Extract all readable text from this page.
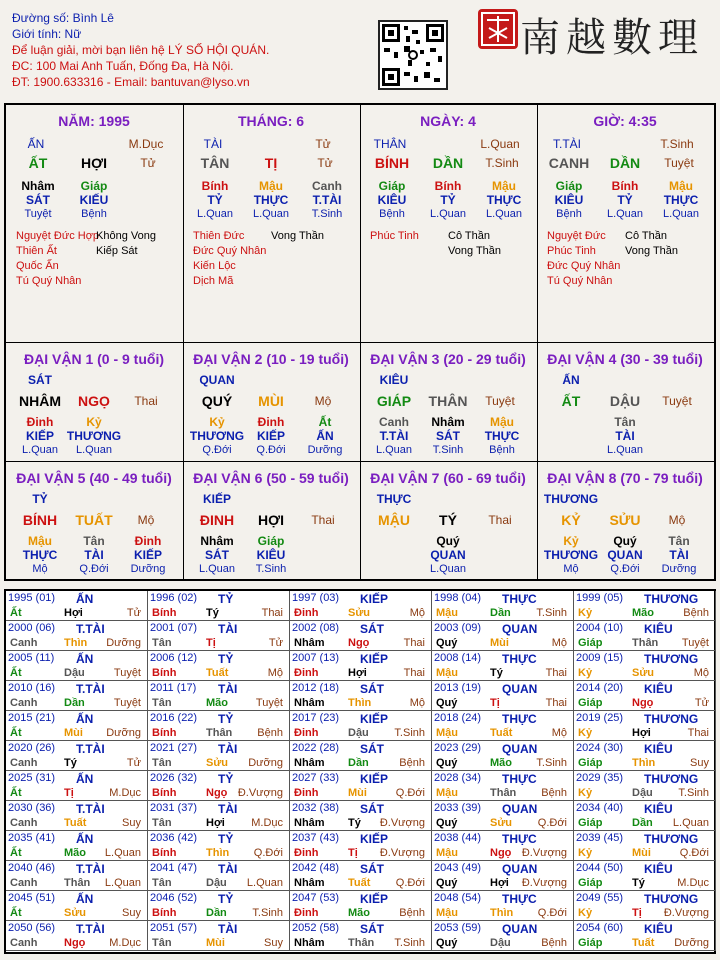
Đường số: Bình Lê
Giới tính: Nữ
Để luận giải, mời bạn liên hệ LÝ SỐ HỘI QUÁN.
ĐC: 100 Mai Anh Tuấn, Đống Đa, Hà Nội.
ĐT: 1900.633316 - Email: bantuvan@lyso.vn
南越數理
NĂM: 1995
ẤN	M.Dục
ẤT HỢI	Tử
Nhâm
SÁT
Tuyệt
Giáp
KIẾU
Bệnh
Nguyệt Đức Hợp
Thiên Ất
Quốc Ấn
Tú Quý Nhân
Không Vong
Kiếp Sát
THÁNG: 6
TÀI	Tử
TÂN	TỊ	Tử
Bính
TỶ
L.Quan
Mậu
THỰC
L.Quan
Canh
T.TÀI
T.Sinh
Thiên Đức
Đức Quý Nhân
Kiến Lộc
Dịch Mã
Vong Thần
NGÀY: 4
THÂN	L.Quan
BÍNH DẦN T.Sinh
Giáp
KIÊU
Bệnh
Bính
TỶ
L.Quan
Mậu
THỰC
L.Quan
Phúc Tinh	Cô Thần
Vong Thần
GIỜ: 4:35
T.TÀI	T.Sinh
CANH DẦN Tuyệt
Giáp
KIÊU
Bệnh
Bính
TỶ
L.Quan
Mậu
THỰC
L.Quan
Nguyệt Đức
Phúc Tinh
Đức Quý Nhân
Tú Quý Nhân
Cô Thần
Vong Thần
ĐẠI VẬN 1 (0 - 9 tuổi)
SÁT
NHÂM NGỌ Thai
Đinh
KIẾP
L.Quan
Kỷ
THƯƠNG
L.Quan
ĐẠI VẬN 2 (10 - 19 tuổi)
QUAN
QUÝ MÙI	Mộ
Kỷ
THƯƠNG
Q.Đới
Đinh
KIẾP
Q.Đới
Ất
ẤN
Dưỡng
ĐẠI VẬN 3 (20 - 29 tuổi)
KIÊU
GIÁP THÂN Tuyệt
Canh
T.TÀI
L.Quan
Nhâm
SÁT
T.Sinh
Mậu
THỰC
Bệnh
ĐẠI VẬN 4 (30 - 39 tuổi)
ẤN
ẤT DẬU Tuyệt
Tân
TÀI
L.Quan
ĐẠI VẬN 5 (40 - 49 tuổi)
TỶ
BÍNH TUẤT Mộ
Mậu
THỰC
Mộ
Tân
TÀI
Q.Đới
Đinh
KIẾP
Dưỡng
ĐẠI VẬN 6 (50 - 59 tuổi)
KIẾP
ĐINH HỢI Thai
Nhâm
SÁT
L.Quan
Giáp
KIÊU
T.Sinh
ĐẠI VẬN 7 (60 - 69 tuổi)
THỰC
MẬU TÝ	Thai
Quý
QUAN
L.Quan
ĐẠI VẬN 8 (70 - 79 tuổi)
THƯƠNG
KỶ SỬU Mộ
Kỷ
THƯƠNG
Mộ
Quý
QUAN
Q.Đới
Tân
TÀI
Dưỡng
1995 (01) ẤN
Ất	Hợi	Tử
1996 (02) TỶ
Bính	Tý	Thai
1997 (03) KIẾP
Đinh	Sửu	Mộ
1998 (04) THỰC
Mậu	Dần T.Sinh
1999 (05) THƯƠNG
Kỷ	Mão	Bệnh
2000 (06) T.TÀI
Canh Thìn Dưỡng
2001 (07) TÀI
Tân	Tị	Tử
2002 (08) SÁT
Nhâm Ngọ	Thai
2003 (09) QUAN
Quý	Mùi	Mộ
2004 (10) KIÊU
Giáp	Thân Tuyệt
2005 (11) ẤN
Ất	Dậu	Tuyệt
2006 (12) TỶ
Bính	Tuất	Mộ
2007 (13) KIẾP
Đinh	Hợi	Thai
2008 (14) THỰC
Mậu	Tý	Thai
2009 (15) THƯƠNG
Kỷ	Sửu	Mộ
2010 (16) T.TÀI
Canh Dần	Tuyệt
2011 (17) TÀI
Tân	Mão	Tuyệt
2012 (18) SÁT
Nhâm Thìn	Mộ
2013 (19) QUAN
Quý	Tị	Thai
2014 (20) KIÊU
Giáp	Ngọ	Tử
2015 (21) ẤN
Ất	Mùi Dưỡng
2016 (22) TỶ
Bính	Thân Bệnh
2017 (23) KIẾP
Đinh	Dậu T.Sinh
2018 (24) THỰC
Mậu	Tuất	Mộ
2019 (25) THƯƠNG
Kỷ	Hợi	Thai
2020 (26) T.TÀI
Canh Tý	Tử
2021 (27) TÀI
Tân	Sửu Dưỡng
2022 (28) SÁT
Nhâm Dần	Bệnh
2023 (29) QUAN
Quý	Mão T.Sinh
2024 (30) KIÊU
Giáp	Thìn	Suy
2025 (31) ẤN
Ất	Tị	M.Dục
2026 (32) TỶ
Bính	Ngọ Đ.Vượng
2027 (33) KIẾP
Đinh	Mùi	Q.Đới
2028 (34) THỰC
Mậu	Thân Bệnh
2029 (35) THƯƠNG
Kỷ	Dậu T.Sinh
2030 (36) T.TÀI
Canh Tuất	Suy
2031 (37) TÀI
Tân	Hợi M.Dục
2032 (38) SÁT
Nhâm Tý Đ.Vượng
2033 (39) QUAN
Quý	Sửu Q.Đới
2034 (40) KIÊU
Giáp	Dần L.Quan
2035 (41) ẤN
Ất	Mão L.Quan
2036 (42) TỶ
Bính	Thìn Q.Đới
2037 (43) KIẾP
Đinh	Tị Đ.Vượng
2038 (44) THỰC
Mậu	Ngọ Đ.Vượng
2039 (45) THƯƠNG
Kỷ	Mùi	Q.Đới
2040 (46) T.TÀI
Canh Thân L.Quan
2041 (47) TÀI
Tân	Dậu L.Quan
2042 (48) SÁT
Nhâm Tuất Q.Đới
2043 (49) QUAN
Quý	Hợi Đ.Vượng
2044 (50) KIÊU
Giáp	Tý	M.Dục
2045 (51) ẤN
Ất	Sửu	Suy
2046 (52) TỶ
Bính	Dần T.Sinh
2047 (53) KIẾP
Đinh	Mão	Bệnh
2048 (54) THỰC
Mậu	Thìn Q.Đới
2049 (55) THƯƠNG
Kỷ	Tị Đ.Vượng
2050 (56) T.TÀI
Canh Ngọ M.Dục
2051 (57) TÀI
Tân	Mùi	Suy
2052 (58) SÁT
Nhâm Thân T.Sinh
2053 (59) QUAN
Quý	Dậu	Bệnh
2054 (60) KIÊU
Giáp	Tuất Dưỡng
